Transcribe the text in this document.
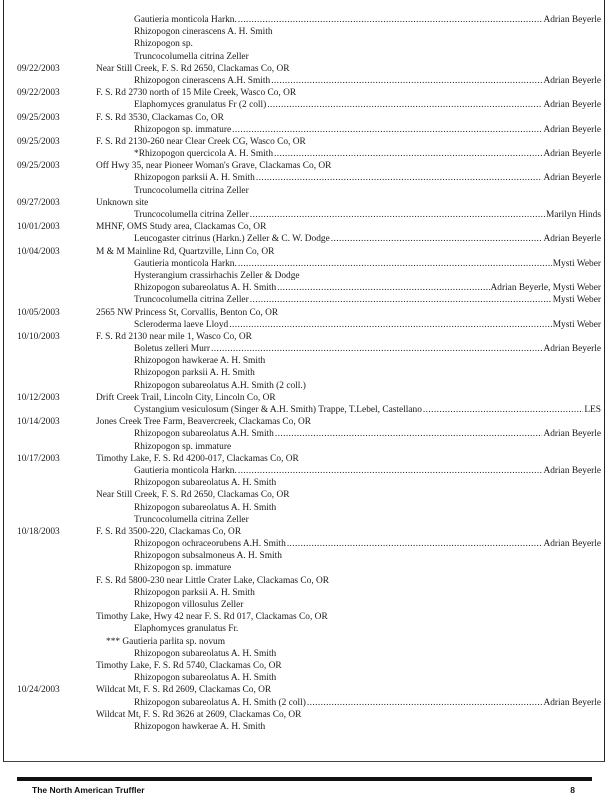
Gautieria monticola Harkn. .....	Adrian Beyerle
Rhizopogon cinerascens A. H. Smith
Rhizopogon sp.
Truncocolumella citrina Zeller
09/22/2003	Near Still Creek, F. S. Rd 2650, Clackamas Co, OR
Rhizopogon cinerascens A.H. Smith .....	Adrian Beyerle
09/22/2003	F. S. Rd 2730 north of 15 Mile Creek, Wasco Co, OR
Elaphomyces granulatus Fr (2 coll) .....	Adrian Beyerle
09/25/2003	F. S. Rd 3530, Clackamas Co, OR
Rhizopogon sp. immature .....	Adrian Beyerle
09/25/2003	F. S. Rd 2130-260 near Clear Creek CG, Wasco Co, OR
*Rhizopogon quercicola A. H. Smith .....	Adrian Beyerle
09/25/2003	Off Hwy 35, near Pioneer Woman's Grave, Clackamas Co, OR
Rhizopogon parksii A. H. Smith .....	Adrian Beyerle
Truncocolumella citrina Zeller
09/27/2003	Unknown site
Truncocolumella citrina Zeller .....	Marilyn Hinds
10/01/2003	MHNF, OMS Study area, Clackamas Co, OR
Leucogaster citrinus (Harkn.) Zeller & C. W. Dodge .....	Adrian Beyerle
10/04/2003	M & M Mainline Rd, Quartzville, Linn Co, OR
Gautieria monticola Harkn. .....	Mysti Weber
Hysterangium crassirhachis Zeller & Dodge
Rhizopogon subareolatus A. H. Smith .....	Adrian Beyerle, Mysti Weber
Truncocolumella citrina Zeller .....	Mysti Weber
10/05/2003	2565 NW Princess St, Corvallis, Benton Co, OR
Scleroderma laeve Lloyd .....	Mysti Weber
10/10/2003	F. S. Rd 2130 near mile 1, Wasco Co, OR
Boletus zelleri Murr .....	Adrian Beyerle
Rhizopogon hawkerae A. H. Smith
Rhizopogon parksii A. H. Smith
Rhizopogon subareolatus A.H. Smith (2 coll.)
10/12/2003	Drift Creek Trail, Lincoln City, Lincoln Co, OR
Cystangium vesiculosum (Singer & A.H. Smith) Trappe, T.Lebel, Castellano .....	LES
10/14/2003	Jones Creek Tree Farm, Beavercreek, Clackamas Co, OR
Rhizopogon subareolatus A.H. Smith .....	Adrian Beyerle
Rhizopogon sp. immature
10/17/2003	Timothy Lake, F. S. Rd 4200-017, Clackamas Co, OR
Gautieria monticola Harkn. .....	Adrian Beyerle
Rhizopogon subareolatus A. H. Smith
Near Still Creek, F. S. Rd 2650, Clackamas Co, OR
Rhizopogon subareolatus A. H. Smith
Truncocolumella citrina Zeller
10/18/2003	F. S. Rd 3500-220, Clackamas Co, OR
Rhizopogon ochraceorubens A.H. Smith .....	Adrian Beyerle
Rhizopogon subsalmoneus A. H. Smith
Rhizopogon sp. immature
F. S. Rd 5800-230 near Little Crater Lake, Clackamas Co, OR
Rhizopogon parksii A. H. Smith
Rhizopogon villosulus Zeller
Timothy Lake, Hwy 42 near F. S. Rd 017, Clackamas Co, OR
Elaphomyces granulatus Fr.
*** Gautieria parlita sp. novum
Rhizopogon subareolatus A. H. Smith
Timothy Lake, F. S. Rd 5740, Clackamas Co, OR
Rhizopogon subareolatus A. H. Smith
10/24/2003	Wildcat Mt, F. S. Rd 2609, Clackamas Co, OR
Rhizopogon subareolatus A. H. Smith (2 coll) .....	Adrian Beyerle
Wildcat Mt, F. S. Rd 3626 at 2609, Clackamas Co, OR
Rhizopogon hawkerae A. H. Smith
The North American Truffler	8
